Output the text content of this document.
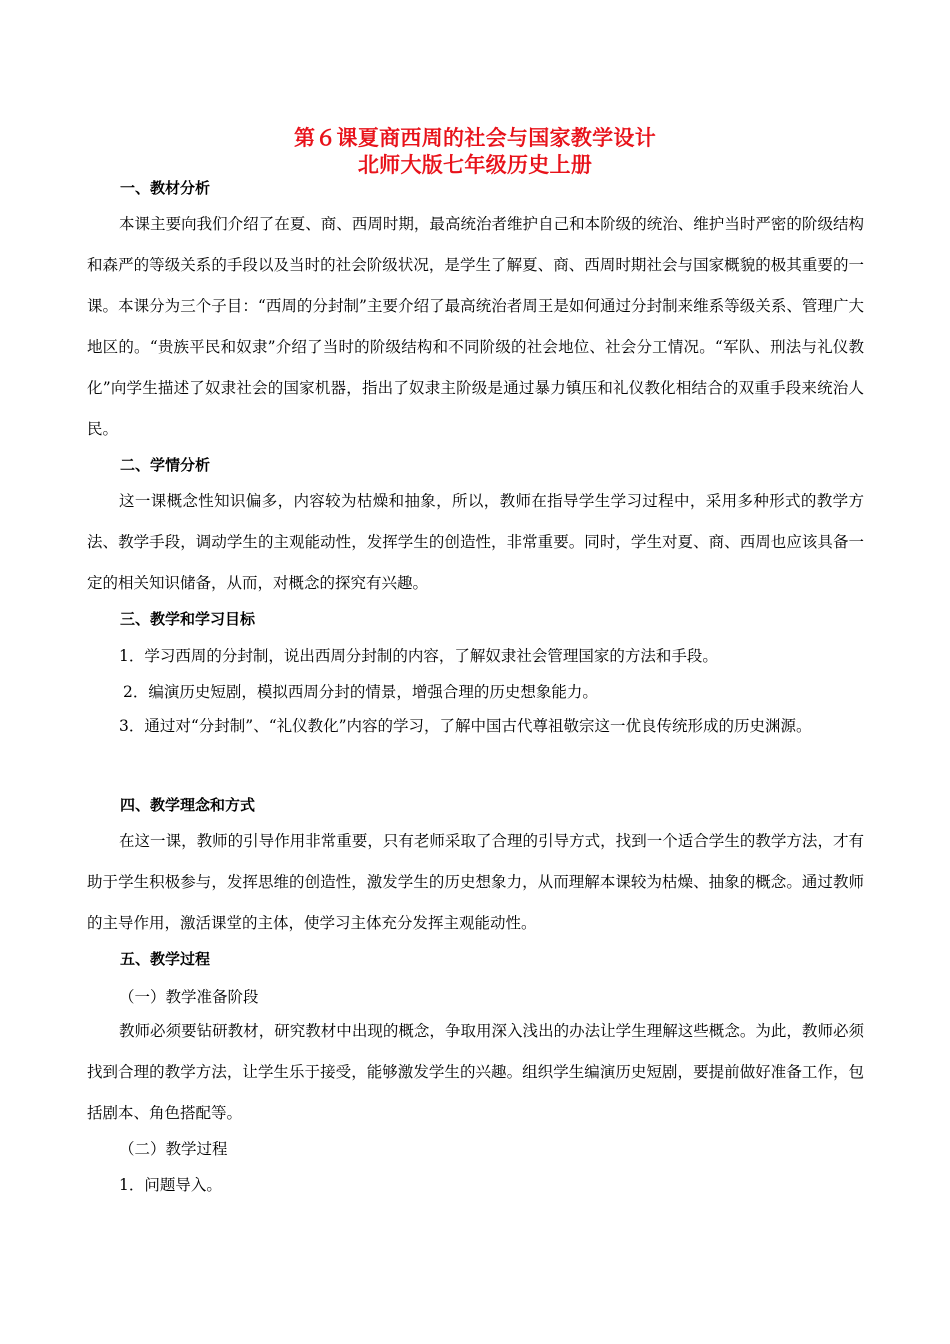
第６课夏商西周的社会与国家教学设计
北师大版七年级历史上册
一、教材分析

本课主要向我们介绍了在夏、商、西周时期，最高统治者维护自己和本阶级的统治、维护当时严密的阶级结构和森严的等级关系的手段以及当时的社会阶级状况，是学生了解夏、商、西周时期社会与国家概貌的极其重要的一课。本课分为三个子目：“西周的分封制”主要介绍了最高统治者周王是如何通过分封制来维系等级关系、管理广大地区的。“贵族平民和奴隶”介绍了当时的阶级结构和不同阶级的社会地位、社会分工情况。“军队、刑法与礼仪教化”向学生描述了奴隶社会的国家机器，指出了奴隶主阶级是通过暴力镇压和礼仪教化相结合的双重手段来统治人民。

二、学情分析

这一课概念性知识偏多，内容较为枯燥和抽象，所以，教师在指导学生学习过程中，采用多种形式的教学方法、教学手段，调动学生的主观能动性，发挥学生的创造性，非常重要。同时，学生对夏、商、西周也应该具备一定的相关知识储备，从而，对概念的探究有兴趣。

三、教学和学习目标
1．学习西周的分封制，说出西周分封制的内容，了解奴隶社会管理国家的方法和手段。
2．编演历史短剧，模拟西周分封的情景，增强合理的历史想象能力。

3．通过对“分封制”、“礼仪教化”内容的学习，了解中国古代尊祖敬宗这一优良传统形成的历史渊源。

四、教学理念和方式

在这一课，教师的引导作用非常重要，只有老师采取了合理的引导方式，找到一个适合学生的教学方法，才有助于学生积极参与，发挥思维的创造性，激发学生的历史想象力，从而理解本课较为枯燥、抽象的概念。通过教师的主导作用，激活课堂的主体，使学习主体充分发挥主观能动性。

五、教学过程
（一）教学准备阶段

教师必须要钻研教材，研究教材中出现的概念，争取用深入浅出的办法让学生理解这些概念。为此，教师必须找到合理的教学方法，让学生乐于接受，能够激发学生的兴趣。组织学生编演历史短剧，要提前做好准备工作，包括剧本、角色搭配等。

（二）教学过程
1．问题导入。
